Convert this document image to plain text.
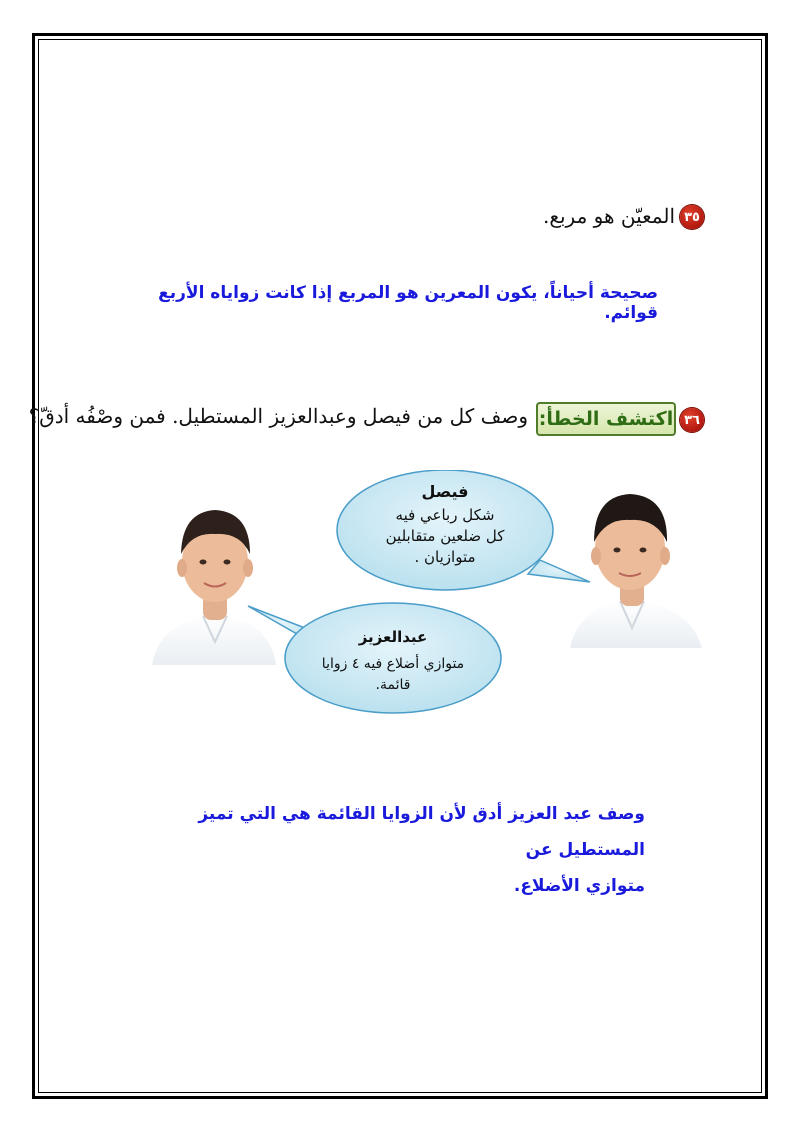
٣٥
المعيّن هو مربع.
صحيحة أحياناً، يكون المعرين هو المربع إذا كانت زواياه الأربع قوائم.
٣٦
اكتشف الخطأ:
وصف كل من فيصل وعبدالعزيز المستطيل. فمن وصْفُه أدقّ؟
فيصل
شكل رباعي فيه
كل ضلعين متقابلين
متوازيان .
عبدالعزيز
متوازي أضلاع فيه ٤ زوايا
قائمة.
وصف عبد العزيز أدق لأن الزوايا القائمة هي التي تميز المستطيل عن
متوازي الأضلاع.
